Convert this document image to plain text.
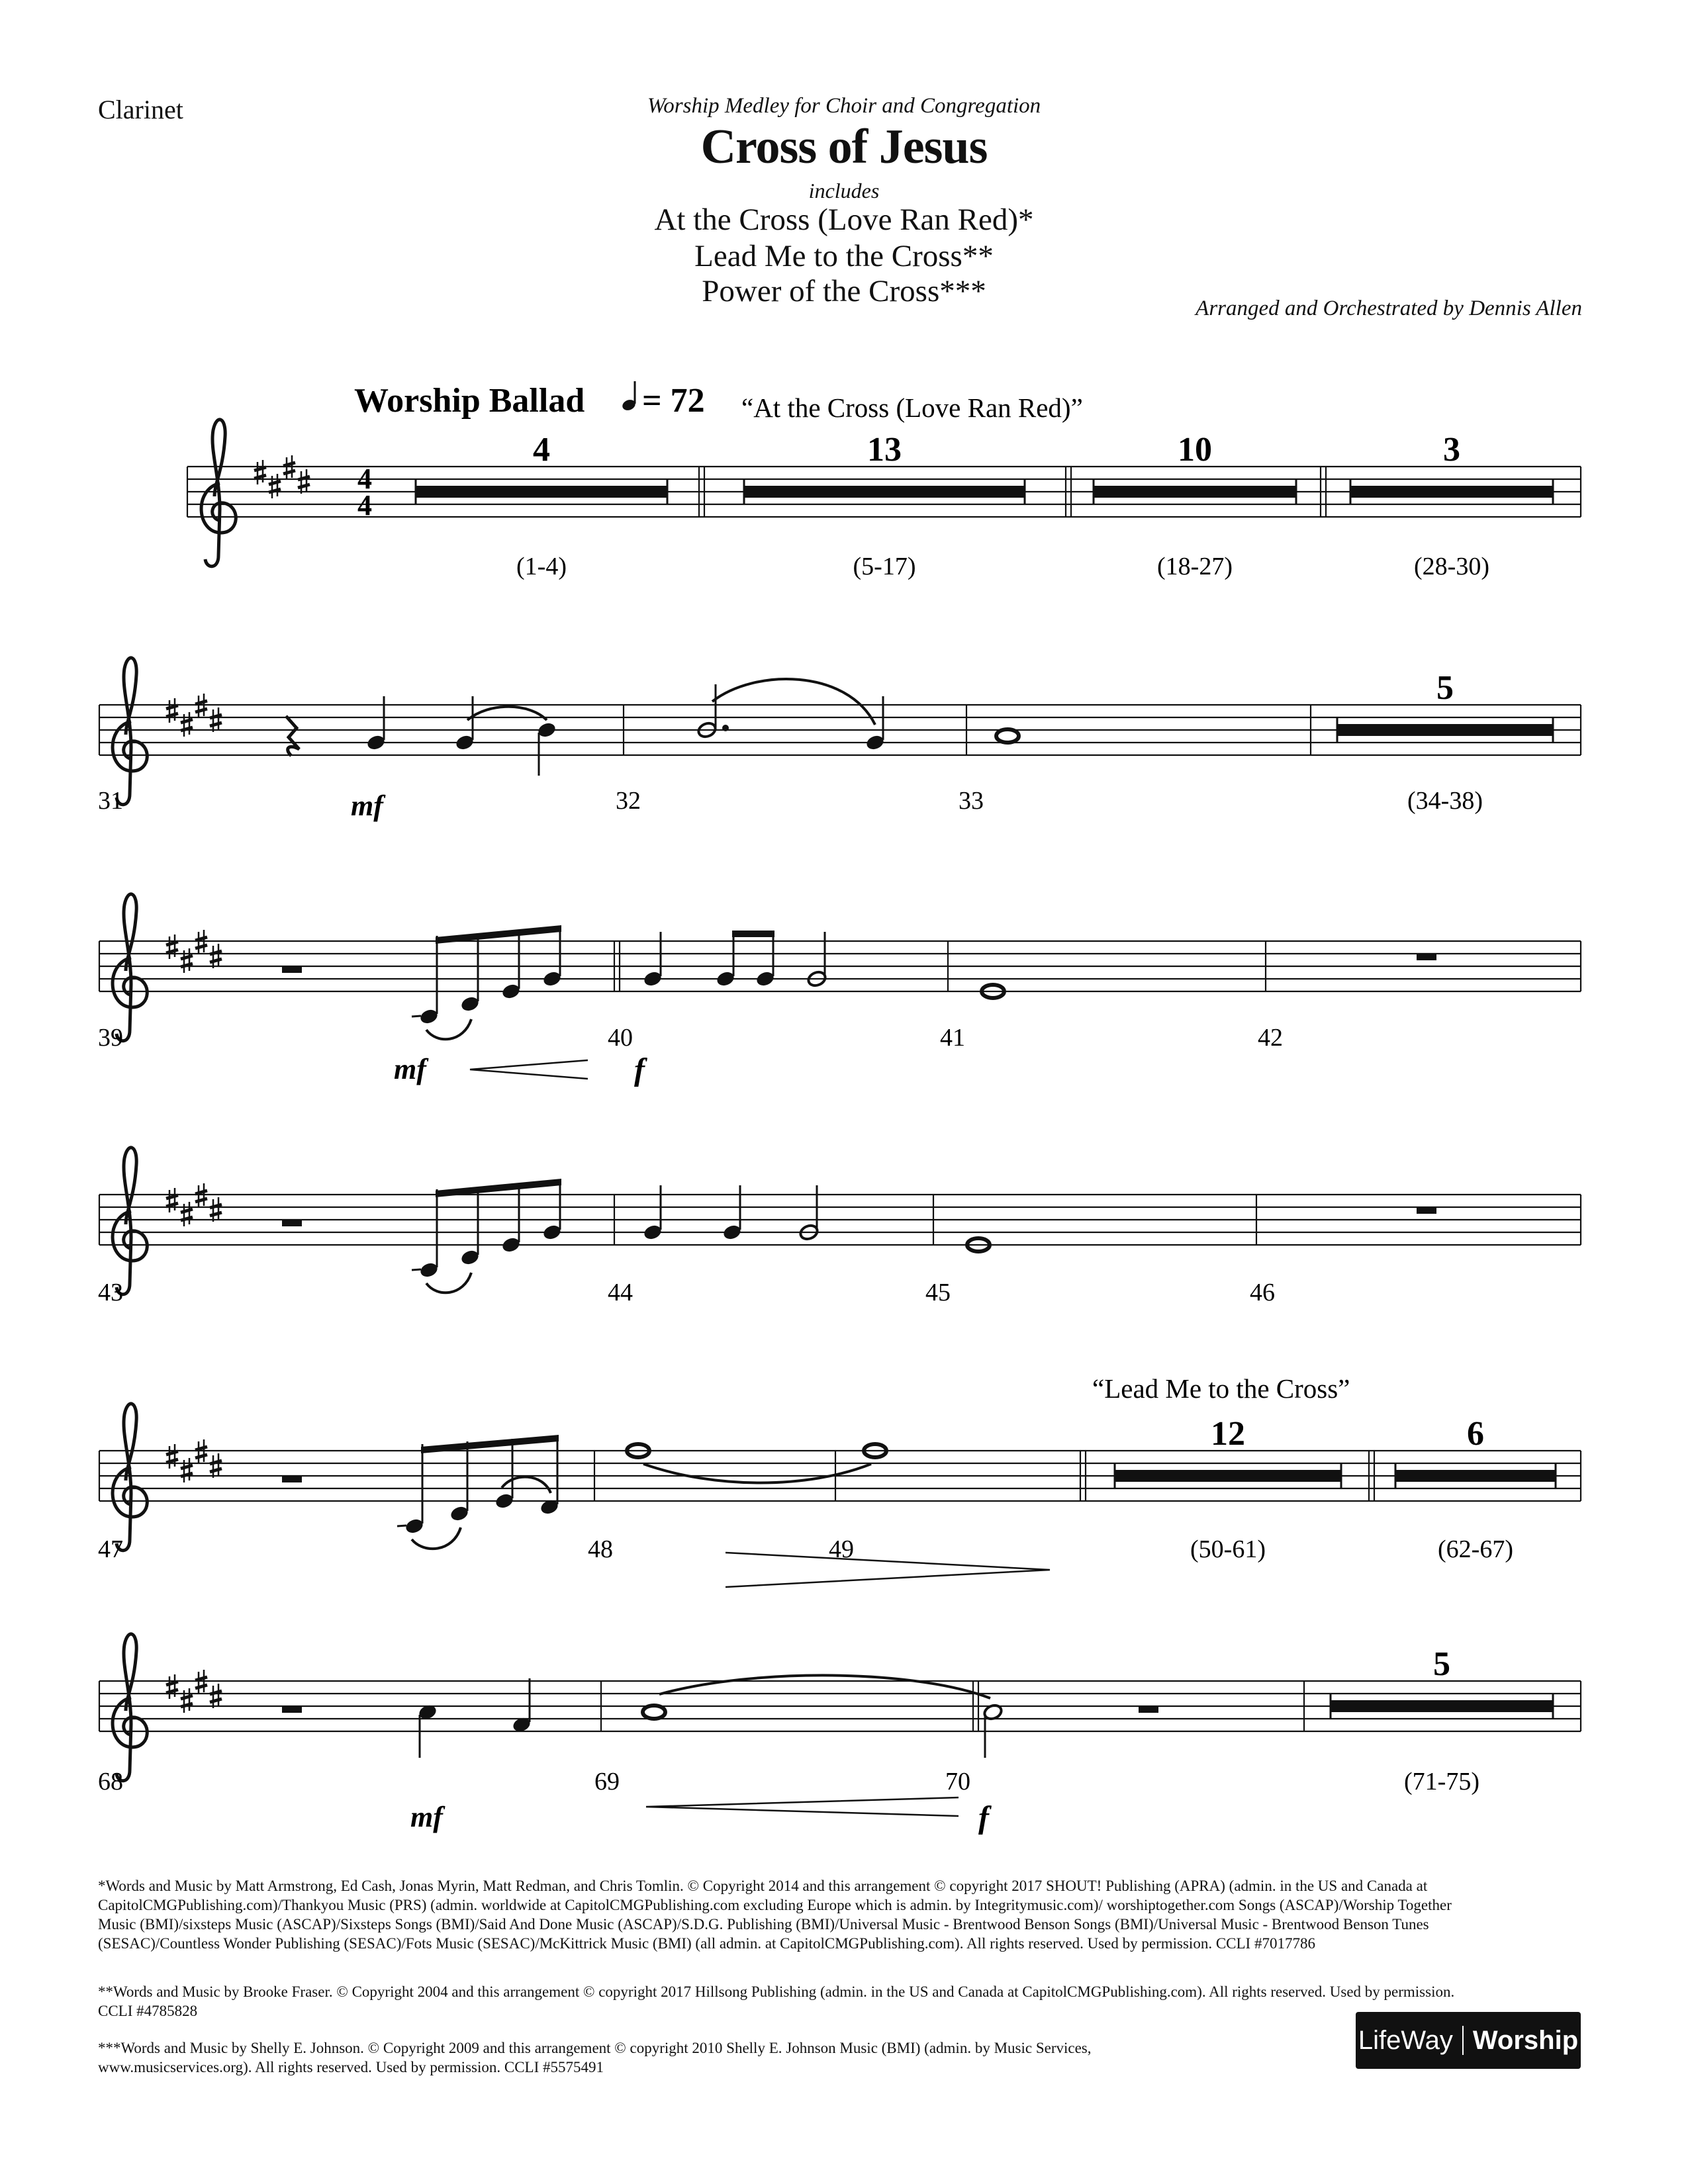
Clarinet	Worship Medley for Choir and Congregation
Cross of Jesus
includes
At the Cross (Love Ran Red)*
Lead Me to the Cross**
Power of the Cross***	Arranged and Orchestrated by Dennis Allen
Worship Ballad = 72 “At the Cross (Love Ran Red)”
4
4
4
(1-4)
13
(5-17)
10
(18-27)
3
(28-30)
5
(34-38)
mf
31	32	33
mf	f
39	40	41	42
43	44	45	46
“Lead Me to the Cross”
12
(50-61)
6
(62-67)
47	48	49
5
(71-75)
mf	f
68	69	70
*Words and Music by Matt Armstrong, Ed Cash, Jonas Myrin, Matt Redman, and Chris Tomlin. © Copyright 2014 and this arrangement © copyright 2017 SHOUT! Publishing (APRA) (admin. in the US and Canada at CapitolCMGPublishing.com)/Thankyou Music (PRS) (admin. worldwide at CapitolCMGPublishing.com excluding Europe which is admin. by Integritymusic.com)/ worshiptogether.com Songs (ASCAP)/Worship Together Music (BMI)/sixsteps Music (ASCAP)/Sixsteps Songs (BMI)/Said And Done Music (ASCAP)/S.D.G. Publishing (BMI)/Universal Music - Brentwood Benson Songs (BMI)/Universal Music - Brentwood Benson Tunes (SESAC)/Countless Wonder Publishing (SESAC)/Fots Music (SESAC)/McKittrick Music (BMI) (all admin. at CapitolCMGPublishing.com). All rights reserved. Used by permission. CCLI #7017786
**Words and Music by Brooke Fraser. © Copyright 2004 and this arrangement © copyright 2017 Hillsong Publishing (admin. in the US and Canada at CapitolCMGPublishing.com). All rights reserved. Used by permission. CCLI #4785828
***Words and Music by Shelly E. Johnson. © Copyright 2009 and this arrangement © copyright 2010 Shelly E. Johnson Music (BMI) (admin. by Music Services, www.musicservices.org). All rights reserved. Used by permission. CCLI #5575491
LifeWay Worship
